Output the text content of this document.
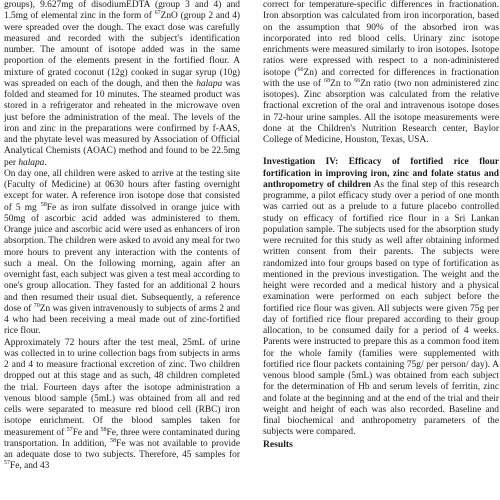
groups), 9.627mg of disodiumEDTA (group 3 and 4) and 1.5mg of elemental zinc in the form of $^{67}$ZnO (group 2 and 4) were spreaded over the dough. The exact dose was carefully measured and recorded with the subject's identification number. The amount of isotope added was in the same proportion of the elements present in the fortified flour. A mixture of grated coconut (12g) cooked in sugar syrup (10g) was spreaded on each of the dough, and then the halapa was folded and steamed for 10 minutes. The steamed product was stored in a refrigerator and reheated in the microwave oven just before the administration of the meal. The levels of the iron and zinc in the preparations were confirmed by f-AAS, and the phytate level was measured by Association of Official Analytical Chemists (AOAC) method and found to be 22.5mg per halapa.

On day one, all children were asked to arrive at the testing site (Faculty of Medicine) at 0630 hours after fasting overnight except for water. A reference iron isotope dose that consisted of 5 mg $^{58}$Fe as iron sulfate dissolved in orange juice with 50mg of ascorbic acid added was administered to them. Orange juice and ascorbic acid were used as enhancers of iron absorption. The children were asked to avoid any meal for two more hours to prevent any interaction with the contents of such a meal. On the following morning, again after an overnight fast, each subject was given a test meal according to one's group allocation. They fasted for an additional 2 hours and then resumed their usual diet. Subsequently, a reference dose of $^{70}$Zn was given intravenously to subjects of arms 2 and 4 who had been receiving a meal made out of zinc-fortified rice flour.

Approximately 72 hours after the test meal, 25mL of urine was collected in to urine collection bags from subjects in arms 2 and 4 to measure fractional excretion of zinc. Two children dropped out at this stage and as such, 48 children completed the trial. Fourteen days after the isotope administration a venous blood sample (5mL) was obtained from all and red cells were separated to measure red blood cell (RBC) iron isotope enrichment. Of the blood samples taken for measurement of $^{57}$Fe and $^{58}$Fe, three were contaminated during transportation. In addition, $^{58}$Fe was not available to provide an adequate dose to two subjects. Therefore, 45 samples for $^{57}$Fe, and 43

correct for temperature-specific differences in fractionation. Iron absorption was calculated from iron incorporation, based on the assumption that 90% of the absorbed iron was incorporated into red blood cells. Urinary zinc isotope enrichments were measured similarly to iron isotopes. Isotope ratios were expressed with respect to a non-administered isotope ($^{66}$Zn) and corrected for differences in fractionation with the use of $^{68}$Zn to $^{66}$Zn ratio (two non administered zinc isotopes). Zinc absorption was calculated from the relative fractional excretion of the oral and intravenous isotope doses in 72-hour urine samples. All the isotope measurements were done at the Children's Nutrition Research center, Baylor College of Medicine, Houston, Texas, USA.

Investigation IV: Efficacy of fortified rice flour fortification in improving iron, zinc and folate status and anthropometry of children As the final step of this research programme, a pilot efficacy study over a period of one month was carried out as a prelude to a future placebo controlled study on efficacy of fortified rice flour in a Sri Lankan population sample. The subjects used for the absorption study were recruited for this study as well after obtaining informed written consent from their parents. The subjects were randomized into four groups based on type of fortification as mentioned in the previous investigation. The weight and the height were recorded and a medical history and a physical examination were performed on each subject before the fortified rice flour was given. All subjects were given 75g per day of fortified rice flour prepared according to their group allocation, to be consumed daily for a period of 4 weeks. Parents were instructed to prepare this as a common food item for the whole family (families were supplemented with fortified rice flour packets containing 75g/ per person/ day). A venous blood sample (5mL) was obtained from each subject for the determination of Hb and serum levels of ferritin, zinc and folate at the beginning and at the end of the trial and their weight and height of each was also recorded. Baseline and final biochemical and anthropometry parameters of the subjects were compared.

Results
